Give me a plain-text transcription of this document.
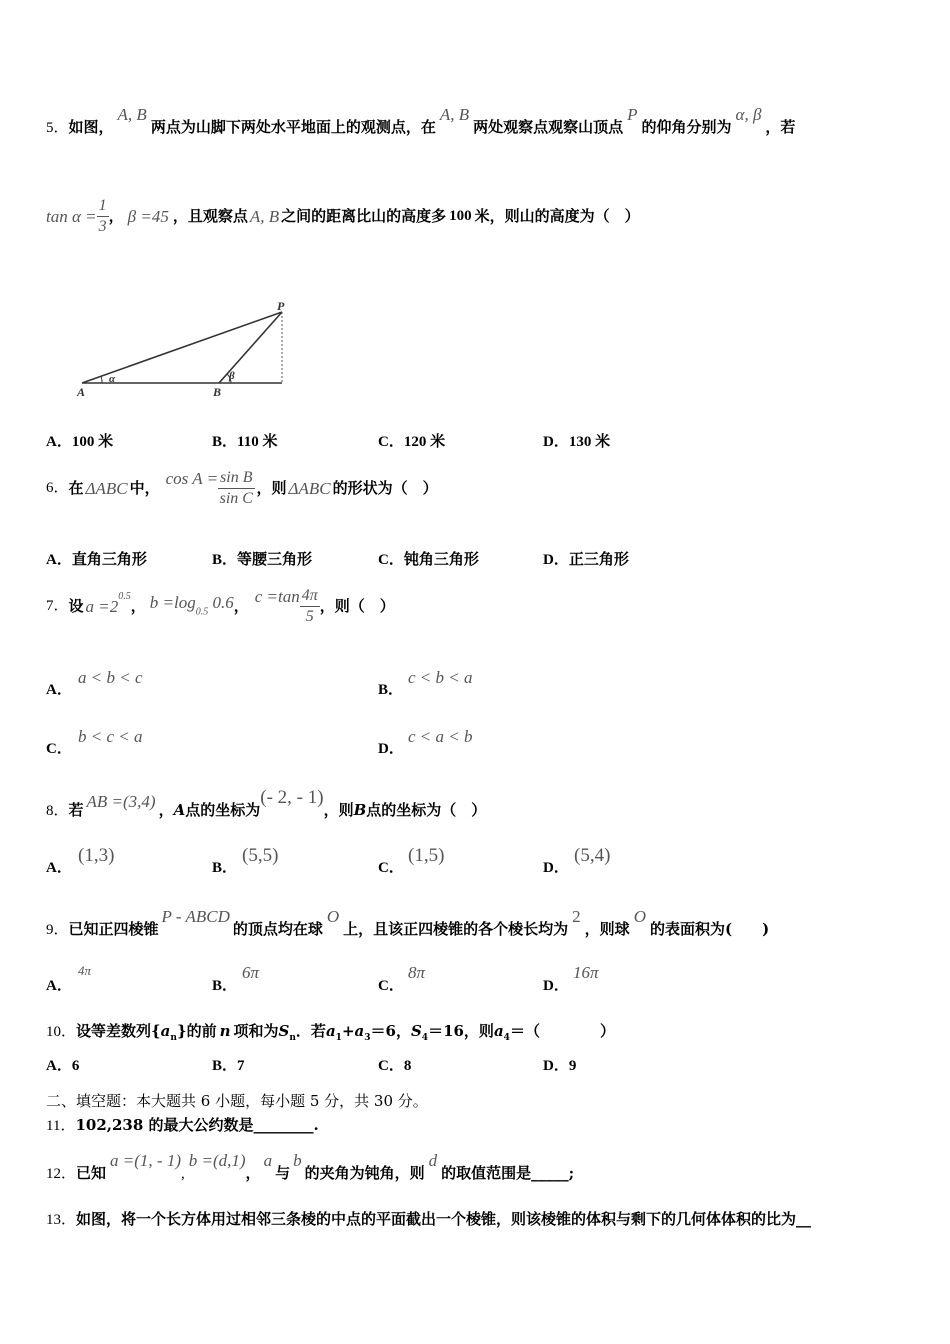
5．如图，A, B两点为山脚下两处水平地面上的观测点，在A, B两处观察点观察山顶点P的仰角分别为α, β，若
$\tan \alpha = \frac{1}{3}$ ， β =45 ，且观察点 A, B 之间的距离比山的高度多 100 米，则山的高度为（　）
P
A	B
α	β
A．100 米	B．110 米	C．120 米	D．130 米
6．在 ΔABC 中， $\cos A = \frac{\text{sin B}}{\text{sin C}}$ ，则 ΔABC 的形状为（　）
A．直角三角形	B．等腰三角形	C．钝角三角形	D．正三角形
7．设 $a =2^{0.5}$， $b =\log_{0.5}$ 0.6， $c =\tan \frac{4\pi}{5}$ ，则（　）
A．
a < b < c
B．
c < b < a
C．
b < c < a
D．
c < a < b
8．若 AB =(3,4) ，A点的坐标为(- 2, - 1)，则B点的坐标为（　）
A．
(1,3)
B．
(5,5)
C．
(1,5)
D．
(5,4)
9．已知正四棱锥P - ABCD的顶点均在球O上，且该正四棱锥的各个棱长均为2，则球O的表面积为(　　)
A．
4π
B．
6π
C．
8π
D．
16π
10．设等差数列$\{a_n\}$的前 n 项和为$S_n$．若$a_1+a_3=6$，$S_4=16$，则$a_4=$（　　　　）
A．6	B．7	C．8	D．9
二、填空题：本大题共 6 小题，每小题 5 分，共 30 分。
11．102,238 的最大公约数是________.
12．已知a =(1, - 1),b =(d,1)，a与b的夹角为钝角，则d的取值范围是_____;
13．如图，将一个长方体用过相邻三条棱的中点的平面截出一个棱锥，则该棱锥的体积与剩下的几何体体积的比为__
